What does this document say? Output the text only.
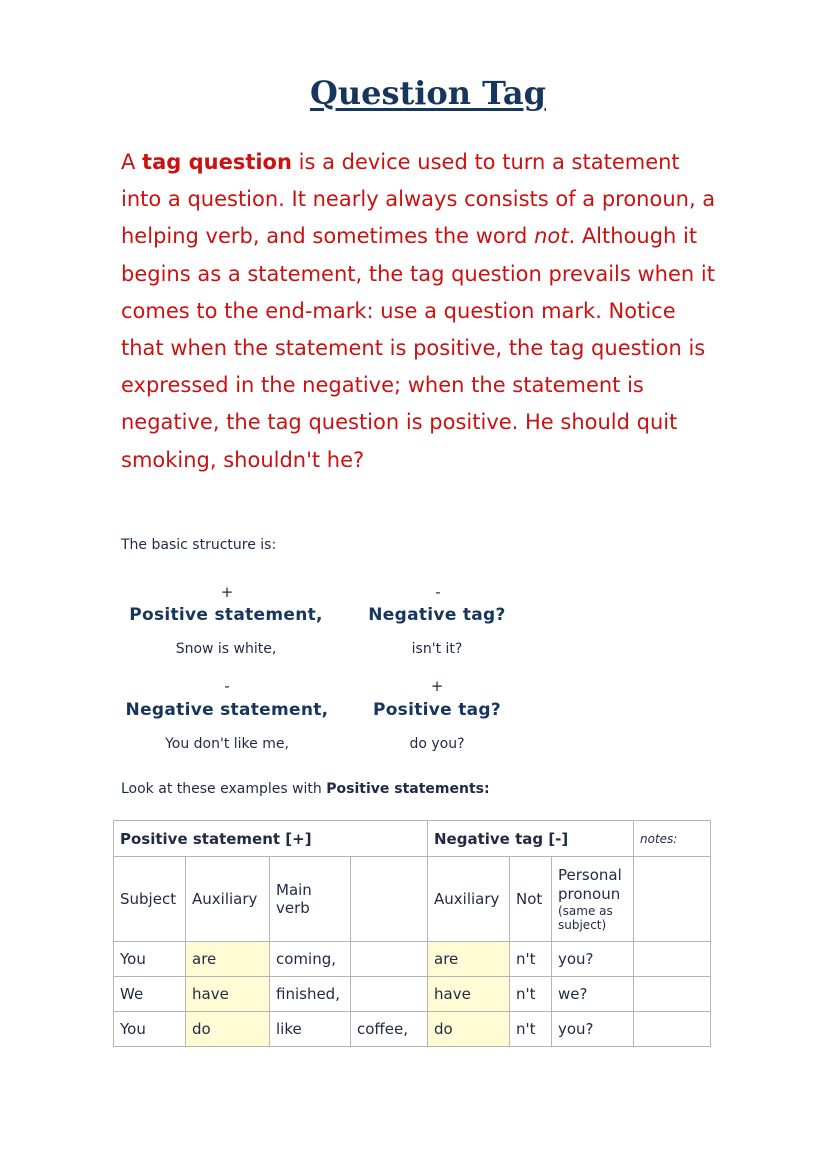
Question Tag
A tag question is a device used to turn a statement into a question. It nearly always consists of a pronoun, a helping verb, and sometimes the word not. Although it begins as a statement, the tag question prevails when it comes to the end-mark: use a question mark. Notice that when the statement is positive, the tag question is expressed in the negative; when the statement is negative, the tag question is positive. He should quit smoking, shouldn't he?
The basic structure is:
+
Positive statement,
Snow is white,
-
Negative tag?
isn't it?
-
Negative statement,
You don't like me,
+
Positive tag?
do you?
Look at these examples with Positive statements:
Positive statement [+]				Negative tag [-]			notes:
Subject	Auxiliary	Main verb		Auxiliary	Not	Personal pronoun
(same as subject)	

You	are	coming,		are	n't	you?	
We	have	finished,		have	n't	we?	
You	do	like	coffee,	do	n't	you?	
